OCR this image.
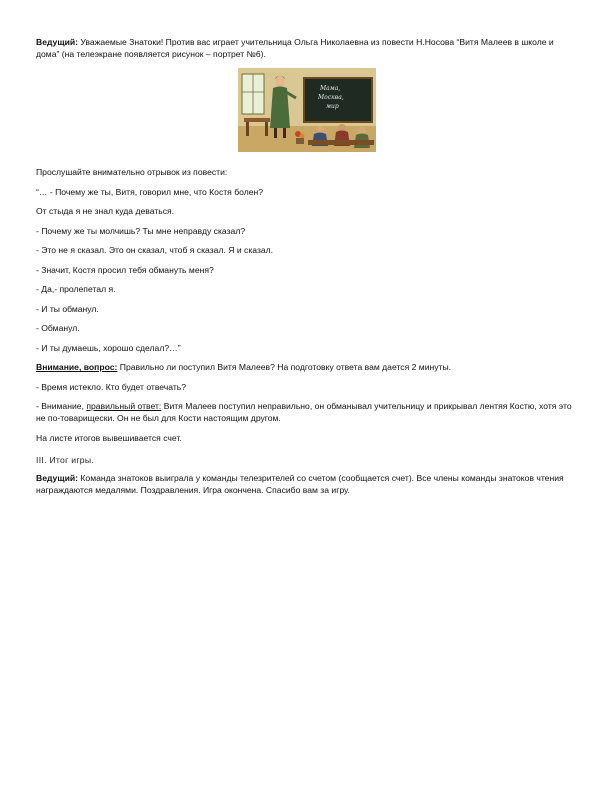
Ведущий: Уважаемые Знатоки! Против вас играет учительница Ольга Николаевна из повести Н.Носова “Витя Малеев в школе и дома” (на телеэкране появляется рисунок – портрет №6).

Мама,
Москва,
мир

Прослушайте внимательно отрывок из повести:

“… - Почему же ты, Витя, говорил мне, что Костя болен?

От стыда я не знал куда деваться.

- Почему же ты молчишь? Ты мне неправду сказал?

- Это не я сказал. Это он сказал, чтоб я сказал. Я и сказал.

- Значит, Костя просил тебя обмануть меня?

- Да,- пролепетал я.

- И ты обманул.

- Обманул.

- И ты думаешь, хорошо сделал?…”

Внимание, вопрос: Правильно ли поступил Витя Малеев? На подготовку ответа вам дается 2 минуты.

- Время истекло. Кто будет отвечать?

- Внимание, правильный ответ: Витя Малеев поступил неправильно, он обманывал учительницу и прикрывал лентяя Костю, хотя это не по-товарищески. Он не был для Кости настоящим другом.

На листе итогов вывешивается счет.

III. Итог игры.

Ведущий: Команда знатоков выиграла у команды телезрителей со счетом (сообщается счет). Все члены команды знатоков чтения награждаются медалями. Поздравления. Игра окончена. Спасибо вам за игру.
